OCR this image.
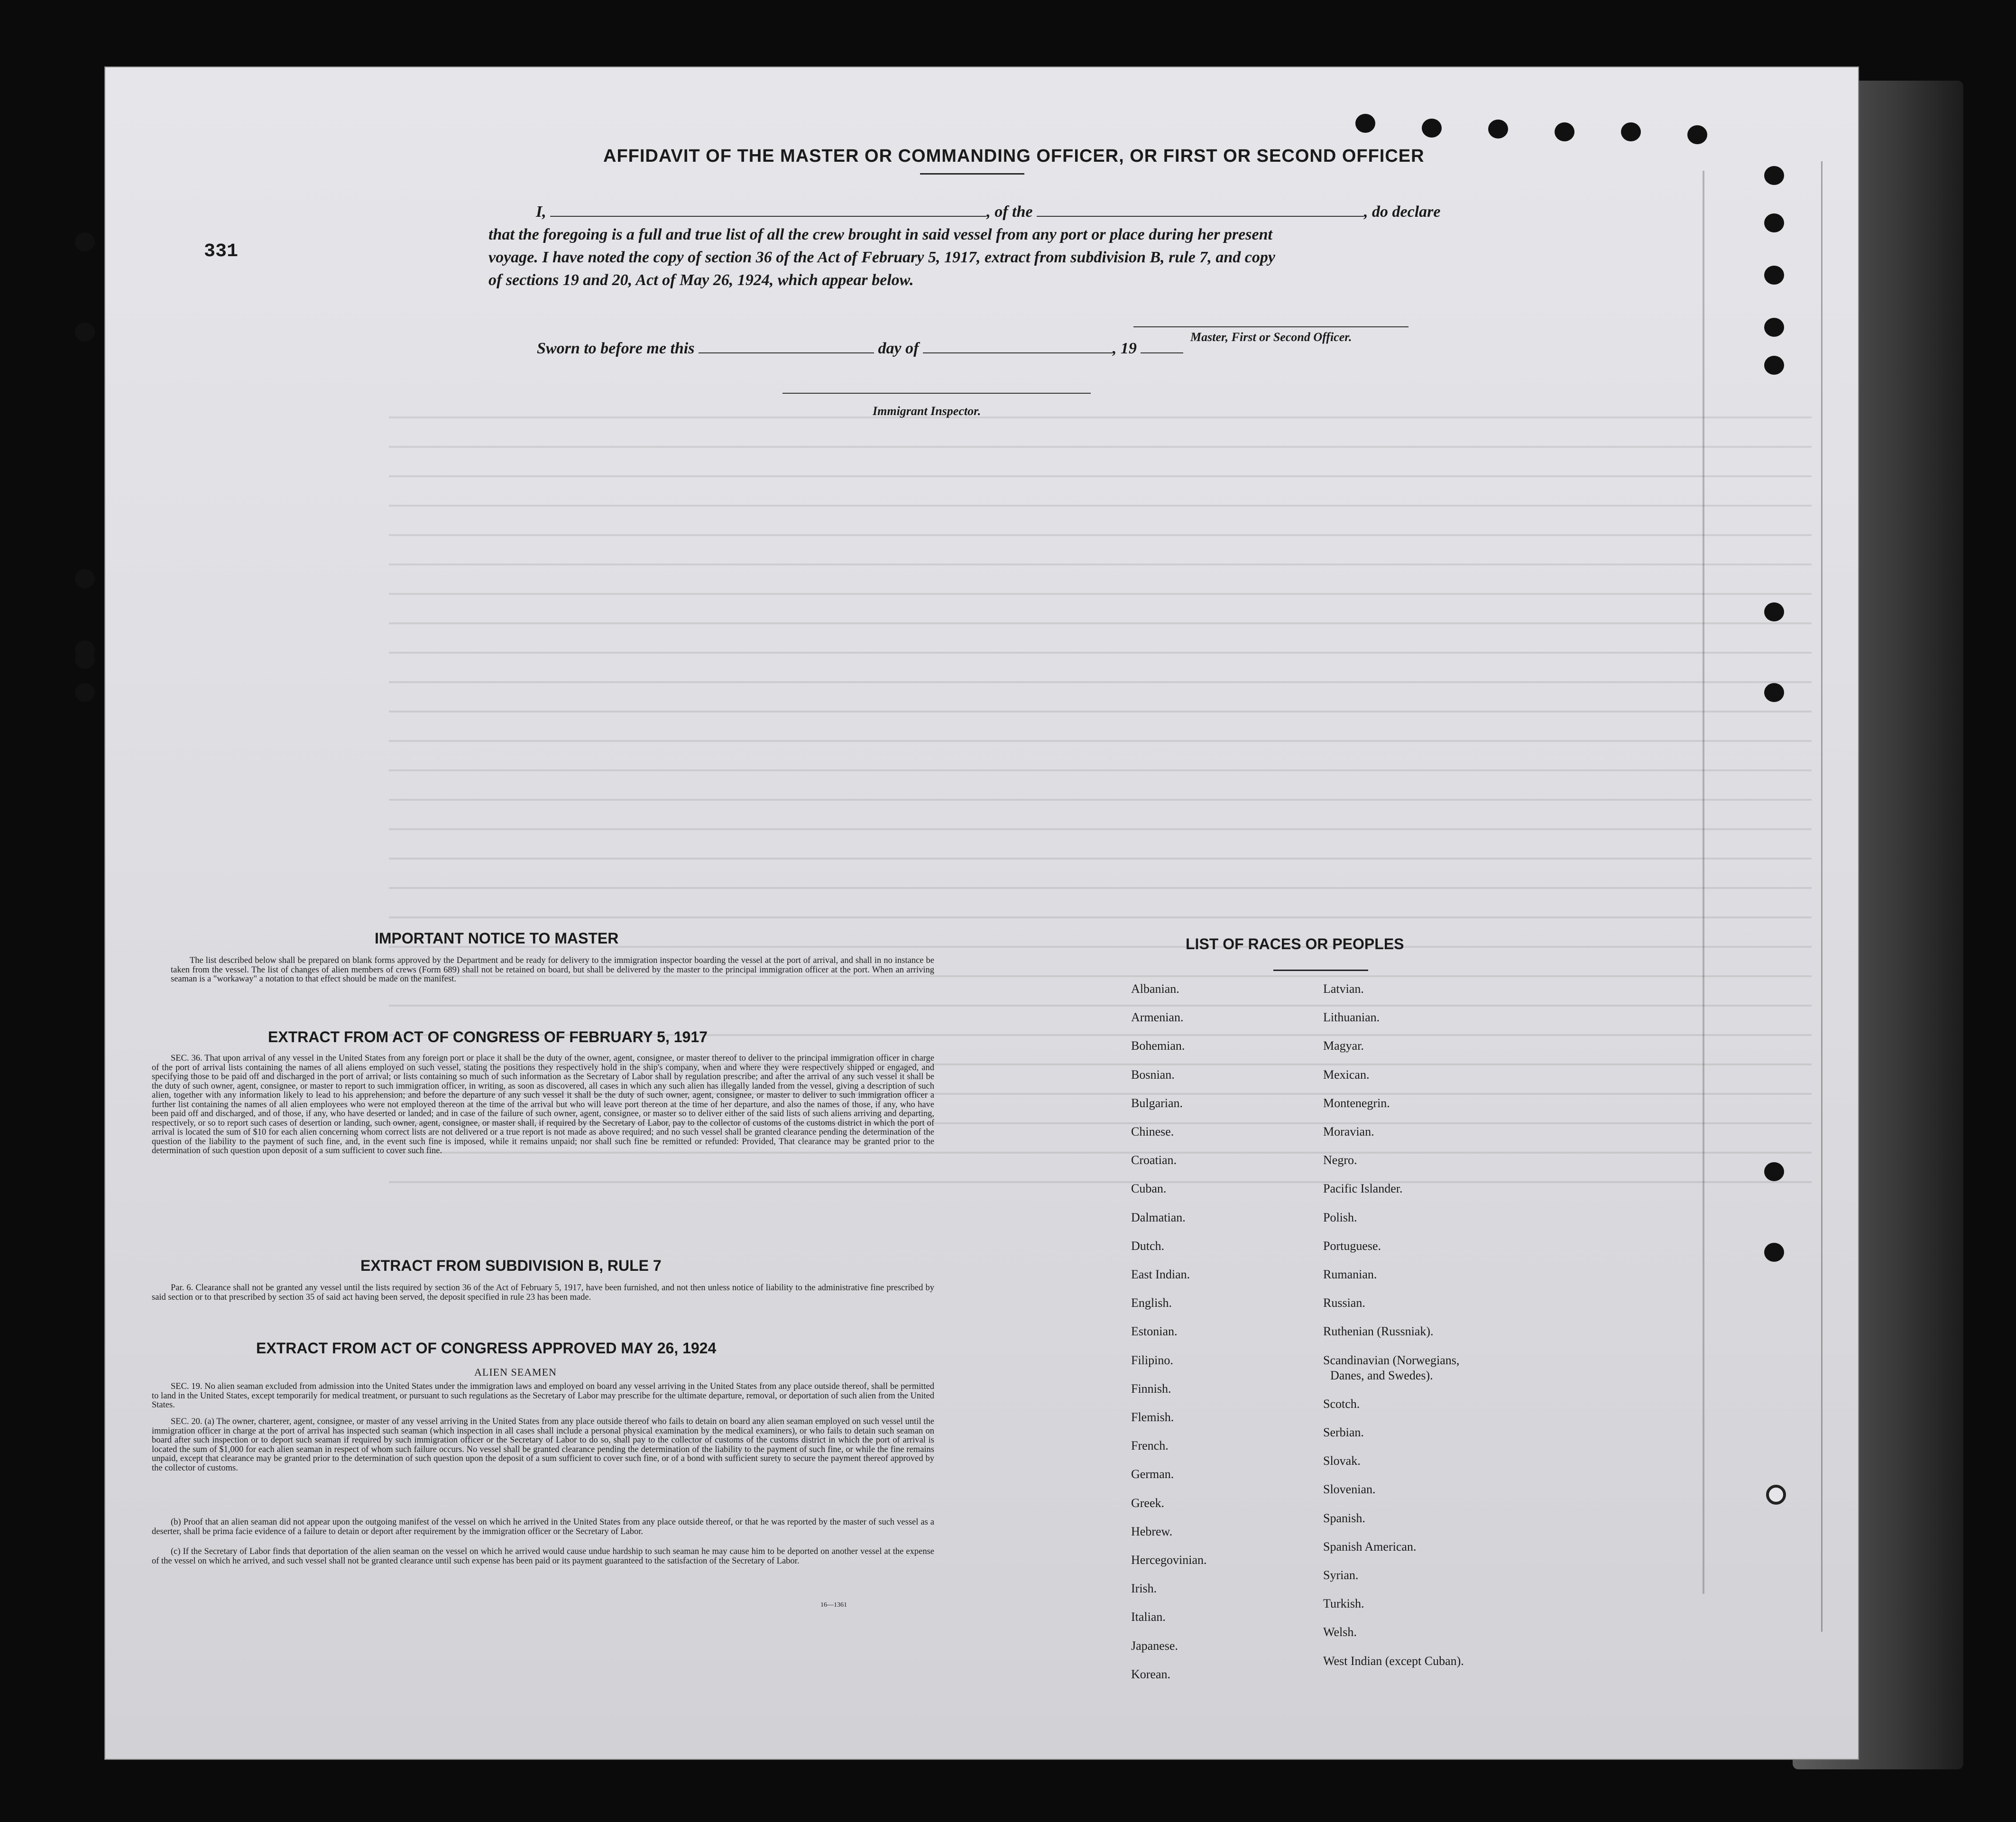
331
AFFIDAVIT OF THE MASTER OR COMMANDING OFFICER, OR FIRST OR SECOND OFFICER
I,	, of the	, do declare
that the foregoing is a full and true list of all the crew brought in said vessel from any port or place during her present
voyage. I have noted the copy of section 36 of the Act of February 5, 1917, extract from subdivision B, rule 7, and copy
of sections 19 and 20, Act of May 26, 1924, which appear below.
Master, First or Second Officer.
Sworn to before me this	day of	, 19
Immigrant Inspector.
IMPORTANT NOTICE TO MASTER
The list described below shall be prepared on blank forms approved by the Department and be ready for delivery to the immigration inspector boarding the vessel at the port of arrival, and shall in no instance be taken from the vessel. The list of changes of alien members of crews (Form 689) shall not be retained on board, but shall be delivered by the master to the principal immigration officer at the port. When an arriving seaman is a "workaway" a notation to that effect should be made on the manifest.
EXTRACT FROM ACT OF CONGRESS OF FEBRUARY 5, 1917
SEC. 36. That upon arrival of any vessel in the United States from any foreign port or place it shall be the duty of the owner, agent, consignee, or master thereof to deliver to the principal immigration officer in charge of the port of arrival lists containing the names of all aliens employed on such vessel, stating the positions they respectively hold in the ship's company, when and where they were respectively shipped or engaged, and specifying those to be paid off and discharged in the port of arrival; or lists containing so much of such information as the Secretary of Labor shall by regulation prescribe; and after the arrival of any such vessel it shall be the duty of such owner, agent, consignee, or master to report to such immigration officer, in writing, as soon as discovered, all cases in which any such alien has illegally landed from the vessel, giving a description of such alien, together with any information likely to lead to his apprehension; and before the departure of any such vessel it shall be the duty of such owner, agent, consignee, or master to deliver to such immigration officer a further list containing the names of all alien employees who were not employed thereon at the time of the arrival but who will leave port thereon at the time of her departure, and also the names of those, if any, who have been paid off and discharged, and of those, if any, who have deserted or landed; and in case of the failure of such owner, agent, consignee, or master so to deliver either of the said lists of such aliens arriving and departing, respectively, or so to report such cases of desertion or landing, such owner, agent, consignee, or master shall, if required by the Secretary of Labor, pay to the collector of customs of the customs district in which the port of arrival is located the sum of $10 for each alien concerning whom correct lists are not delivered or a true report is not made as above required; and no such vessel shall be granted clearance pending the determination of the question of the liability to the payment of such fine, and, in the event such fine is imposed, while it remains unpaid; nor shall such fine be remitted or refunded: Provided, That clearance may be granted prior to the determination of such question upon deposit of a sum sufficient to cover such fine.
EXTRACT FROM SUBDIVISION B, RULE 7
Par. 6. Clearance shall not be granted any vessel until the lists required by section 36 of the Act of February 5, 1917, have been furnished, and not then unless notice of liability to the administrative fine prescribed by said section or to that prescribed by section 35 of said act having been served, the deposit specified in rule 23 has been made.
EXTRACT FROM ACT OF CONGRESS APPROVED MAY 26, 1924
ALIEN SEAMEN
SEC. 19. No alien seaman excluded from admission into the United States under the immigration laws and employed on board any vessel arriving in the United States from any place outside thereof, shall be permitted to land in the United States, except temporarily for medical treatment, or pursuant to such regulations as the Secretary of Labor may prescribe for the ultimate departure, removal, or deportation of such alien from the United States.
SEC. 20. (a) The owner, charterer, agent, consignee, or master of any vessel arriving in the United States from any place outside thereof who fails to detain on board any alien seaman employed on such vessel until the immigration officer in charge at the port of arrival has inspected such seaman (which inspection in all cases shall include a personal physical examination by the medical examiners), or who fails to detain such seaman on board after such inspection or to deport such seaman if required by such immigration officer or the Secretary of Labor to do so, shall pay to the collector of customs of the customs district in which the port of arrival is located the sum of $1,000 for each alien seaman in respect of whom such failure occurs. No vessel shall be granted clearance pending the determination of the liability to the payment of such fine, or while the fine remains unpaid, except that clearance may be granted prior to the determination of such question upon the deposit of a sum sufficient to cover such fine, or of a bond with sufficient surety to secure the payment thereof approved by the collector of customs.
(b) Proof that an alien seaman did not appear upon the outgoing manifest of the vessel on which he arrived in the United States from any place outside thereof, or that he was reported by the master of such vessel as a deserter, shall be prima facie evidence of a failure to detain or deport after requirement by the immigration officer or the Secretary of Labor.
(c) If the Secretary of Labor finds that deportation of the alien seaman on the vessel on which he arrived would cause undue hardship to such seaman he may cause him to be deported on another vessel at the expense of the vessel on which he arrived, and such vessel shall not be granted clearance until such expense has been paid or its payment guaranteed to the satisfaction of the Secretary of Labor.
16—1361
LIST OF RACES OR PEOPLES
Albanian.
Armenian.
Bohemian.
Bosnian.
Bulgarian.
Chinese.
Croatian.
Cuban.
Dalmatian.
Dutch.
East Indian.
English.
Estonian.
Filipino.
Finnish.
Flemish.
French.
German.
Greek.
Hebrew.
Hercegovinian.
Irish.
Italian.
Japanese.
Korean.
Latvian.
Lithuanian.
Magyar.
Mexican.
Montenegrin.
Moravian.
Negro.
Pacific Islander.
Polish.
Portuguese.
Rumanian.
Russian.
Ruthenian (Russniak).
Scandinavian (Norwegians,
Danes, and Swedes).
Scotch.
Serbian.
Slovak.
Slovenian.
Spanish.
Spanish American.
Syrian.
Turkish.
Welsh.
West Indian (except Cuban).
